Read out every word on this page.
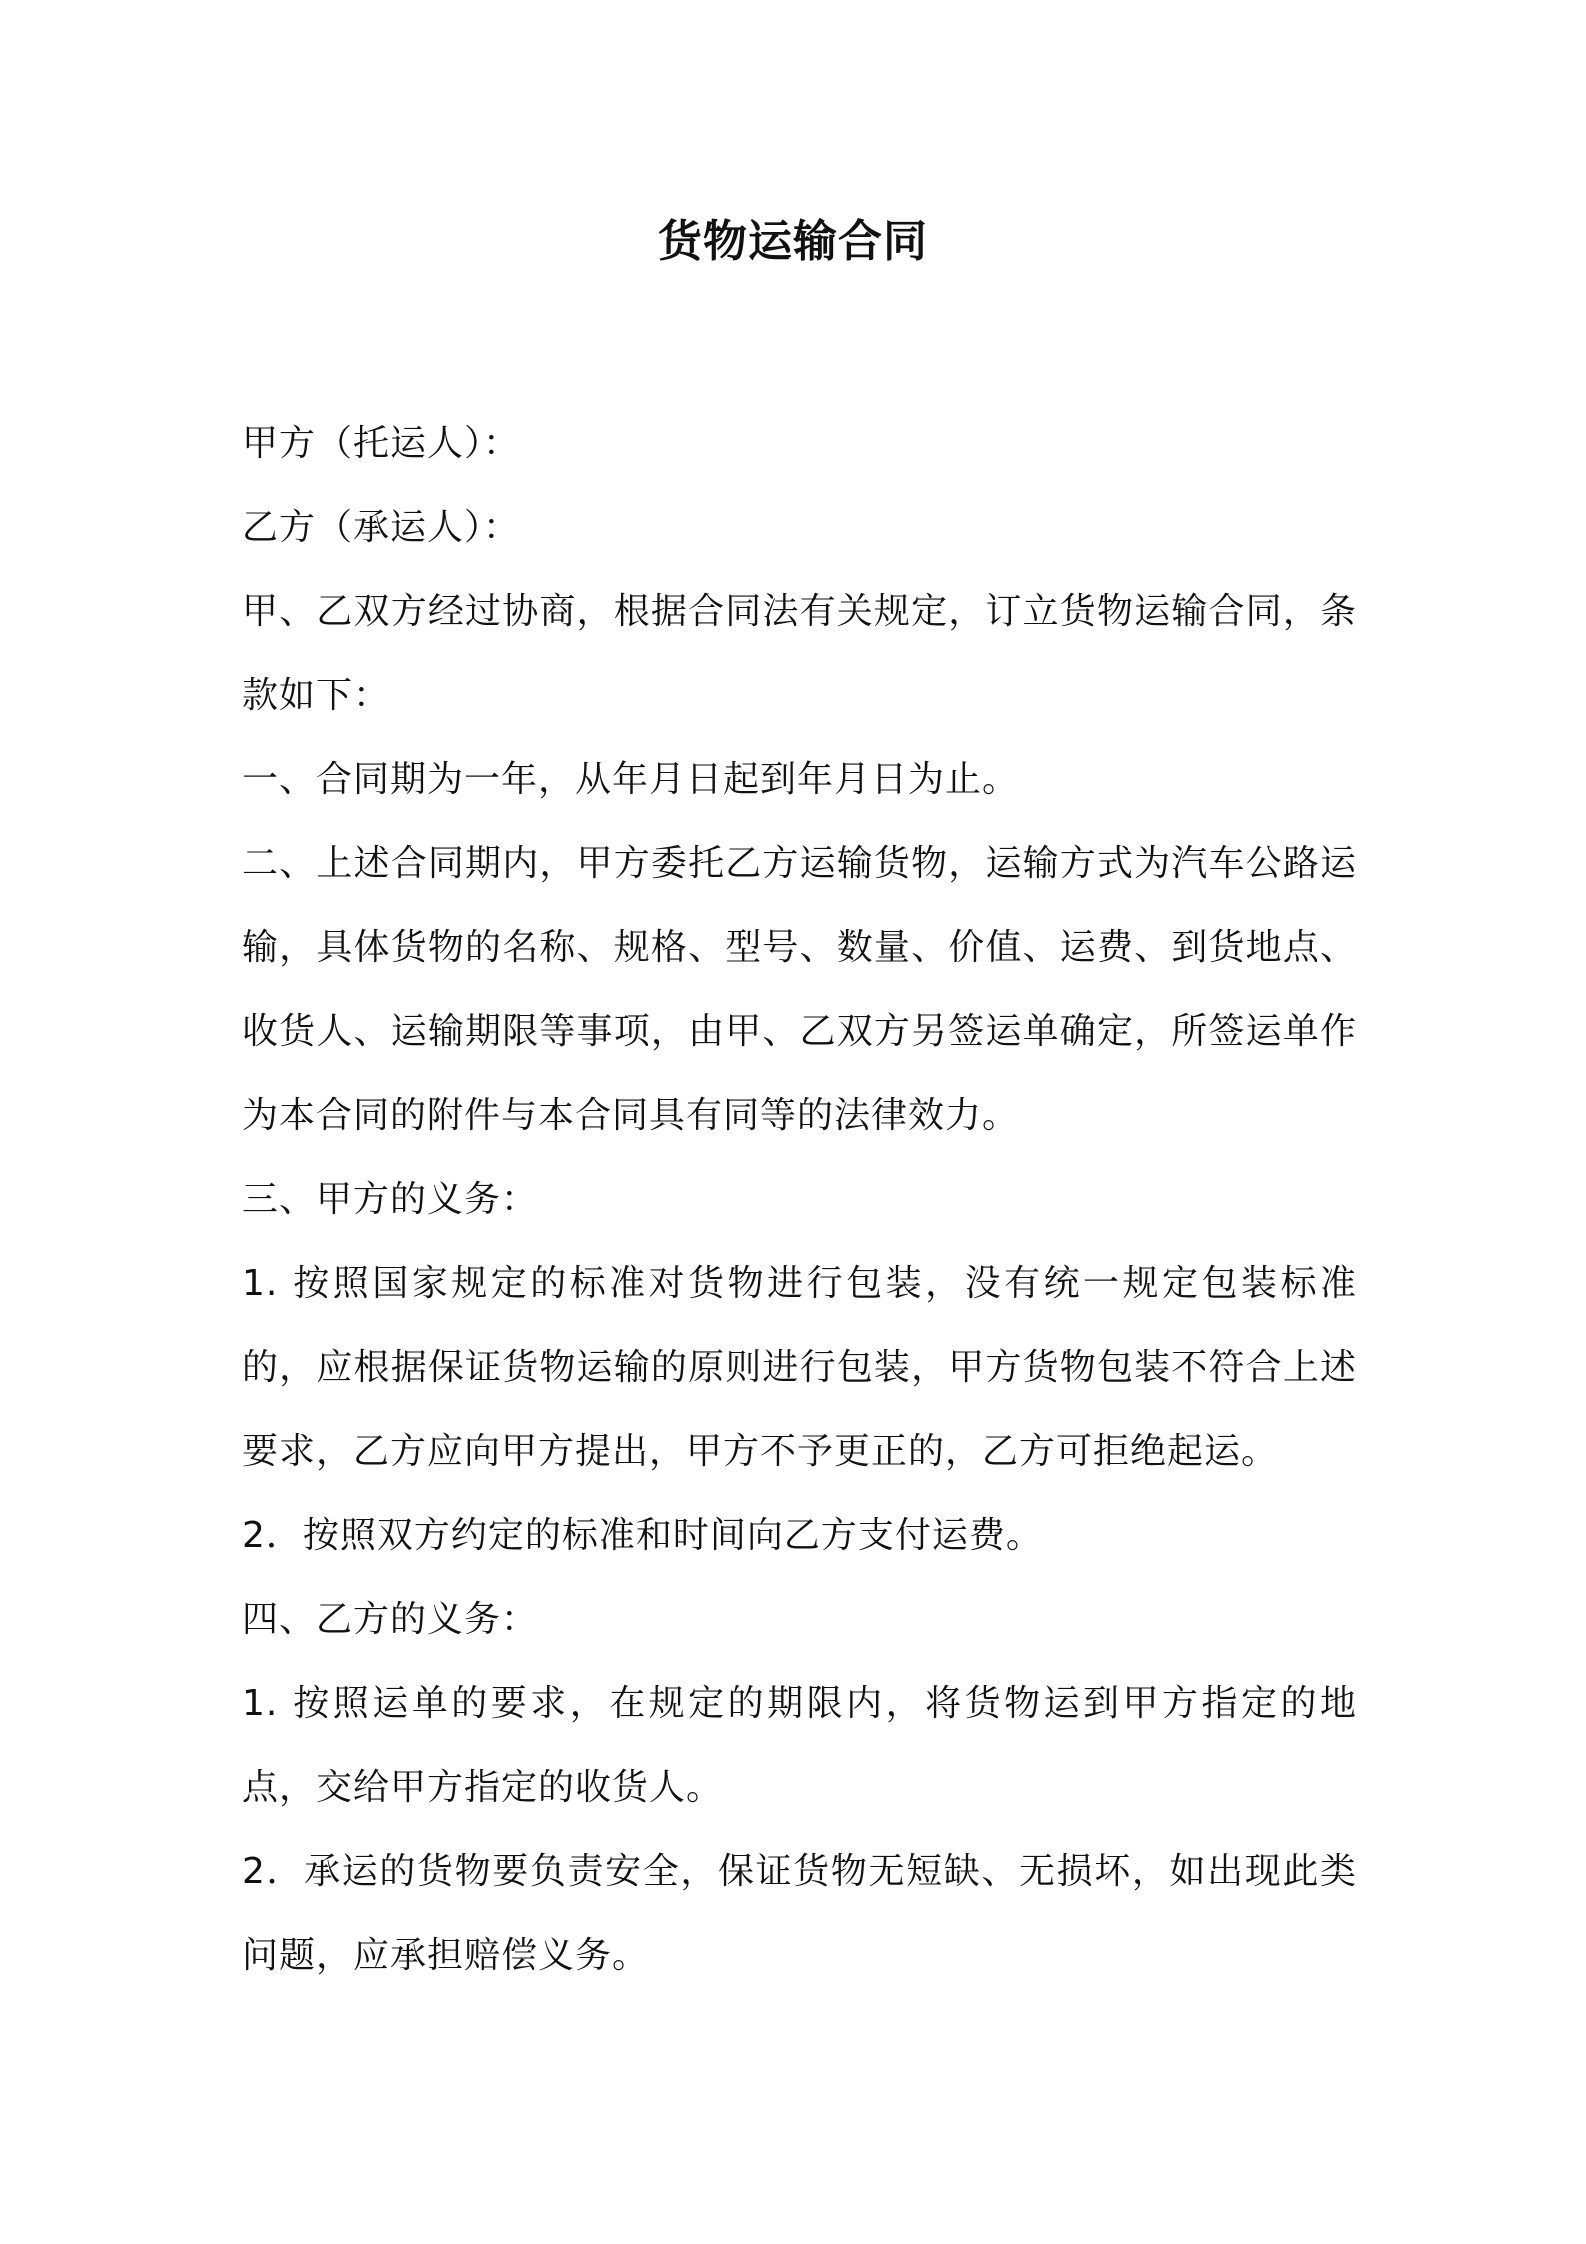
货物运输合同

甲方（托运人）：

乙方（承运人）：

甲、乙双方经过协商，根据合同法有关规定，订立货物运输合同，条款如下：

一、合同期为一年，从年月日起到年月日为止。

二、上述合同期内，甲方委托乙方运输货物，运输方式为汽车公路运输，具体货物的名称、规格、型号、数量、价值、运费、到货地点、收货人、运输期限等事项，由甲、乙双方另签运单确定，所签运单作为本合同的附件与本合同具有同等的法律效力。

三、甲方的义务：

1. 按照国家规定的标准对货物进行包装，没有统一规定包装标准的，应根据保证货物运输的原则进行包装，甲方货物包装不符合上述要求，乙方应向甲方提出，甲方不予更正的，乙方可拒绝起运。

2．按照双方约定的标准和时间向乙方支付运费。

四、乙方的义务：

1. 按照运单的要求，在规定的期限内，将货物运到甲方指定的地点，交给甲方指定的收货人。

2．承运的货物要负责安全，保证货物无短缺、无损坏，如出现此类问题，应承担赔偿义务。
